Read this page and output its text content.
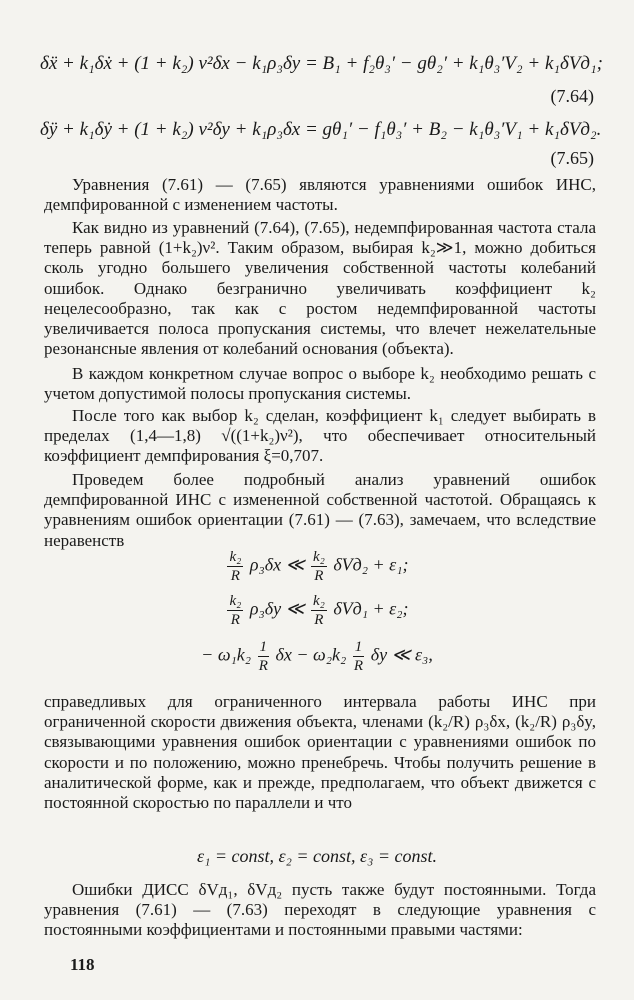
δẍ + k₁δẋ + (1 + k₂) ν²δx − k₁ρ₃δy = B₁ + f₂θ₃′ − gθ₂′ + k₁θ₃′V₂ + k₁δVд₁;
(7.64)
δÿ + k₁δẏ + (1 + k₂) ν²δy + k₁ρ₃δx = gθ₁′ − f₁θ₃′ + B₂ − k₁θ₃′V₁ + k₁δVд₂.
(7.65)
Уравнения (7.61) — (7.65) являются уравнениями ошибок ИНС, демпфированной с изменением частоты.
Как видно из уравнений (7.64), (7.65), недемпфированная частота стала теперь равной (1+k₂)ν². Таким образом, выбирая k₂≫1, можно добиться сколь угодно большего увеличения собственной частоты колебаний ошибок. Однако безгранично увеличивать коэффициент k₂ нецелесообразно, так как с ростом недемпфированной частоты увеличивается полоса пропускания системы, что влечет нежелательные резонансные явления от колебаний основания (объекта).
В каждом конкретном случае вопрос о выборе k₂ необходимо решать с учетом допустимой полосы пропускания системы.
После того как выбор k₂ сделан, коэффициент k₁ следует выбирать в пределах (1,4—1,8) √((1+k₂)ν²), что обеспечивает относительный коэффициент демпфирования ξ=0,707.
Проведем более подробный анализ уравнений ошибок демпфированной ИНС с измененной собственной частотой. Обращаясь к уравнениям ошибок ориентации (7.61) — (7.63), замечаем, что вследствие неравенств
$\frac{\text{k₂}}{R} \rho_3\delta x$ ≪ $\frac{\text{k₂}}{R} \delta Vд_2 + \varepsilon_1$;
$\frac{\text{k₂}}{R} \rho_3\delta y$ ≪ $\frac{\text{k₂}}{R} \delta Vд_1 + \varepsilon_2$;
− $\omega_1k_2 \frac{1}{R}$ $\delta x - \omega_2k_2 \frac{1}{R}$ δy ≪ ε₃,
справедливых для ограниченного интервала работы ИНС при ограниченной скорости движения объекта, членами (k₂/R) ρ₃δx, (k₂/R) ρ₃δy, связывающими уравнения ошибок ориентации с уравнениями ошибок по скорости и по положению, можно пренебречь. Чтобы получить решение в аналитической форме, как и прежде, предполагаем, что объект движется с постоянной скоростью по параллели и что
ε₁ = const, ε₂ = const, ε₃ = const.
Ошибки ДИСС δVд₁, δVд₂ пусть также будут постоянными. Тогда уравнения (7.61) — (7.63) переходят в следующие уравнения с постоянными коэффициентами и постоянными правыми частями:
118
